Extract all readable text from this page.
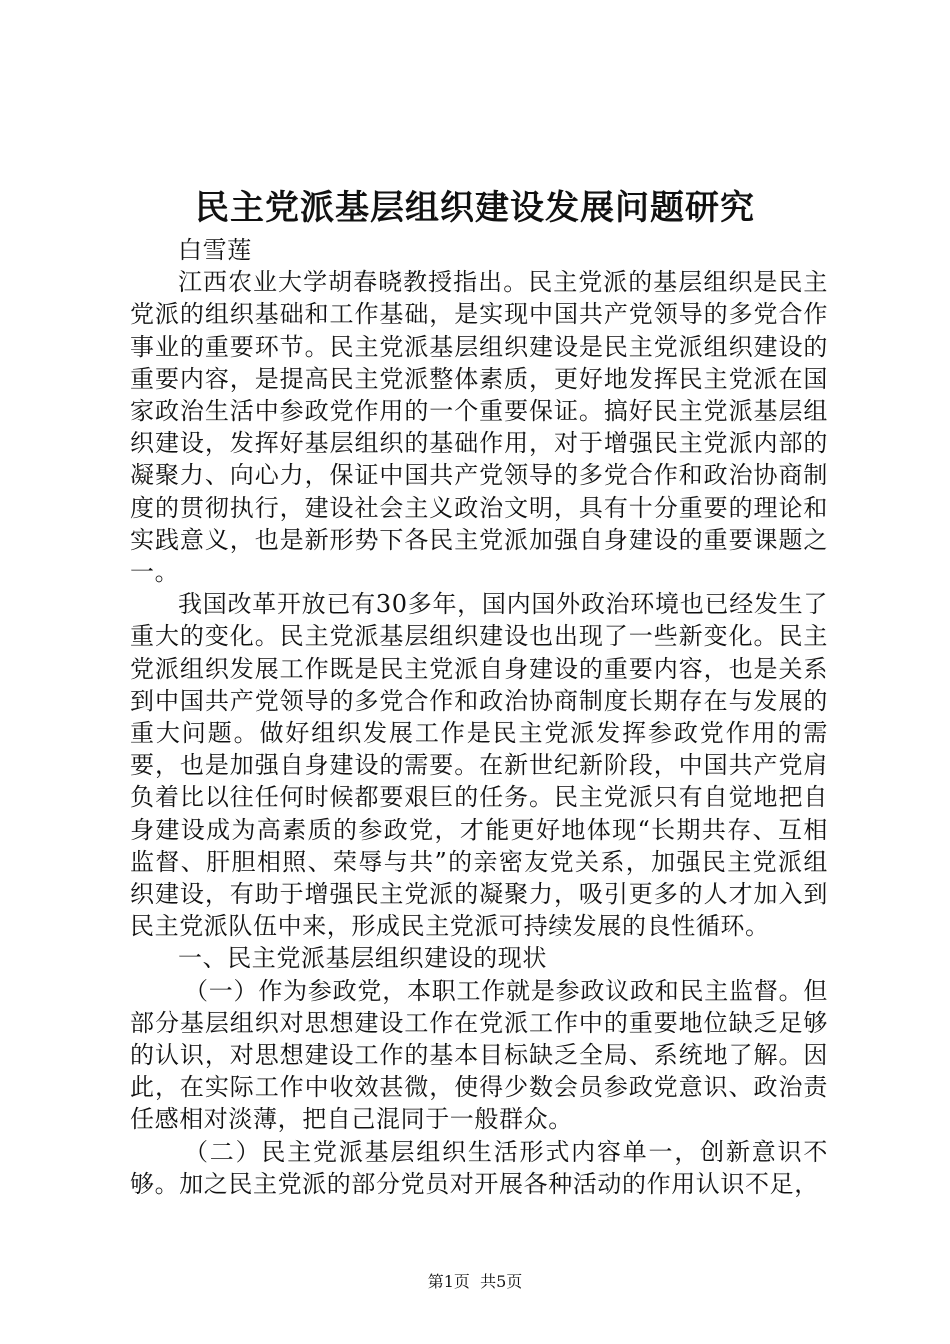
民主党派基层组织建设发展问题研究

白雪莲

江西农业大学胡春晓教授指出。民主党派的基层组织是民主党派的组织基础和工作基础，是实现中国共产党领导的多党合作事业的重要环节。民主党派基层组织建设是民主党派组织建设的重要内容，是提高民主党派整体素质，更好地发挥民主党派在国家政治生活中参政党作用的一个重要保证。搞好民主党派基层组织建设，发挥好基层组织的基础作用，对于增强民主党派内部的凝聚力、向心力，保证中国共产党领导的多党合作和政治协商制度的贯彻执行，建设社会主义政治文明，具有十分重要的理论和实践意义，也是新形势下各民主党派加强自身建设的重要课题之一。

我国改革开放已有30多年，国内国外政治环境也已经发生了重大的变化。民主党派基层组织建设也出现了一些新变化。民主党派组织发展工作既是民主党派自身建设的重要内容，也是关系到中国共产党领导的多党合作和政治协商制度长期存在与发展的重大问题。做好组织发展工作是民主党派发挥参政党作用的需要，也是加强自身建设的需要。在新世纪新阶段，中国共产党肩负着比以往任何时候都要艰巨的任务。民主党派只有自觉地把自身建设成为高素质的参政党，才能更好地体现“长期共存、互相监督、肝胆相照、荣辱与共”的亲密友党关系，加强民主党派组织建设，有助于增强民主党派的凝聚力，吸引更多的人才加入到民主党派队伍中来，形成民主党派可持续发展的良性循环。

一、民主党派基层组织建设的现状

（一）作为参政党，本职工作就是参政议政和民主监督。但部分基层组织对思想建设工作在党派工作中的重要地位缺乏足够的认识，对思想建设工作的基本目标缺乏全局、系统地了解。因此，在实际工作中收效甚微，使得少数会员参政党意识、政治责任感相对淡薄，把自己混同于一般群众。

（二）民主党派基层组织生活形式内容单一，创新意识不够。加之民主党派的部分党员对开展各种活动的作用认识不足，

第1页 共5页
